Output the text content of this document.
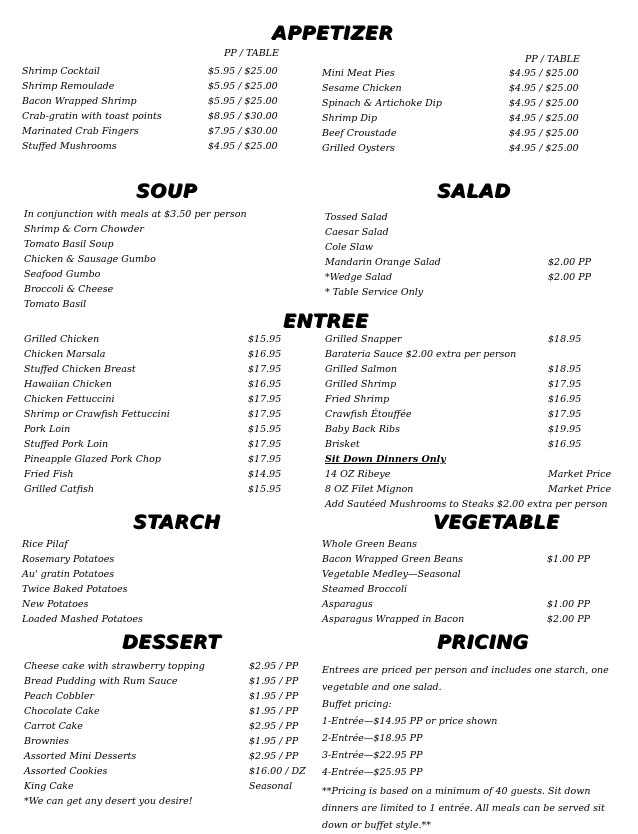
APPETIZER
PP / TABLE
PP / TABLE
Shrimp Cocktail	$5.95 / $25.00
Shrimp Remoulade	$5.95 / $25.00
Bacon Wrapped Shrimp	$5.95 / $25.00
Crab-gratin with toast points	$8.95 / $30.00
Marinated Crab Fingers	$7.95 / $30.00
Stuffed Mushrooms	$4.95 / $25.00
Mini Meat Pies	$4.95 / $25.00
Sesame Chicken	$4.95 / $25.00
Spinach & Artichoke Dip	$4.95 / $25.00
Shrimp Dip	$4.95 / $25.00
Beef Croustade	$4.95 / $25.00
Grilled Oysters	$4.95 / $25.00
SOUP
In conjunction with meals at $3.50 per person
Shrimp & Corn Chowder
Tomato Basil Soup
Chicken & Sausage Gumbo
Seafood Gumbo
Broccoli & Cheese
Tomato Basil
SALAD
Tossed Salad
Caesar Salad
Cole Slaw
Mandarin Orange Salad	$2.00 PP
*Wedge Salad	$2.00 PP
* Table Service Only
ENTREE
Grilled Chicken	$15.95
Chicken Marsala	$16.95
Stuffed Chicken Breast	$17.95
Hawaiian Chicken	$16.95
Chicken Fettuccini	$17.95
Shrimp or Crawfish Fettuccini	$17.95
Pork Loin	$15.95
Stuffed Pork Loin	$17.95
Pineapple Glazed Pork Chop	$17.95
Fried Fish	$14.95
Grilled Catfish	$15.95
Grilled Snapper	$18.95
Barateria Sauce $2.00 extra per person
Grilled Salmon	$18.95
Grilled Shrimp	$17.95
Fried Shrimp	$16.95
Crawfish Étouffée	$17.95
Baby Back Ribs	$19.95
Brisket	$16.95
Sit Down Dinners Only
14 OZ Ribeye	Market Price
8 OZ Filet Mignon	Market Price
Add Sautéed Mushrooms to Steaks $2.00 extra per person
STARCH
Rice Pilaf
Rosemary Potatoes
Au' gratin Potatoes
Twice Baked Potatoes
New Potatoes
Loaded Mashed Potatoes
VEGETABLE
Whole Green Beans
Bacon Wrapped Green Beans	$1.00 PP
Vegetable Medley—Seasonal
Steamed Broccoli
Asparagus	$1.00 PP
Asparagus Wrapped in Bacon	$2.00 PP
DESSERT
Cheese cake with strawberry topping	$2.95 / PP
Bread Pudding with Rum Sauce	$1.95 / PP
Peach Cobbler	$1.95 / PP
Chocolate Cake	$1.95 / PP
Carrot Cake	$2.95 / PP
Brownies	$1.95 / PP
Assorted Mini Desserts	$2.95 / PP
Assorted Cookies	$16.00 / DZ
King Cake	Seasonal
*We can get any desert you desire!
PRICING
Entrees are priced per person and includes one starch, one vegetable and one salad.
Buffet pricing:
1-Entrée—$14.95 PP or price shown
2-Entrée—$18.95 PP
3-Entrée—$22.95 PP
4-Entrée—$25.95 PP
**Pricing is based on a minimum of 40 guests. Sit down dinners are limited to 1 entrée. All meals can be served sit down or buffet style.**
